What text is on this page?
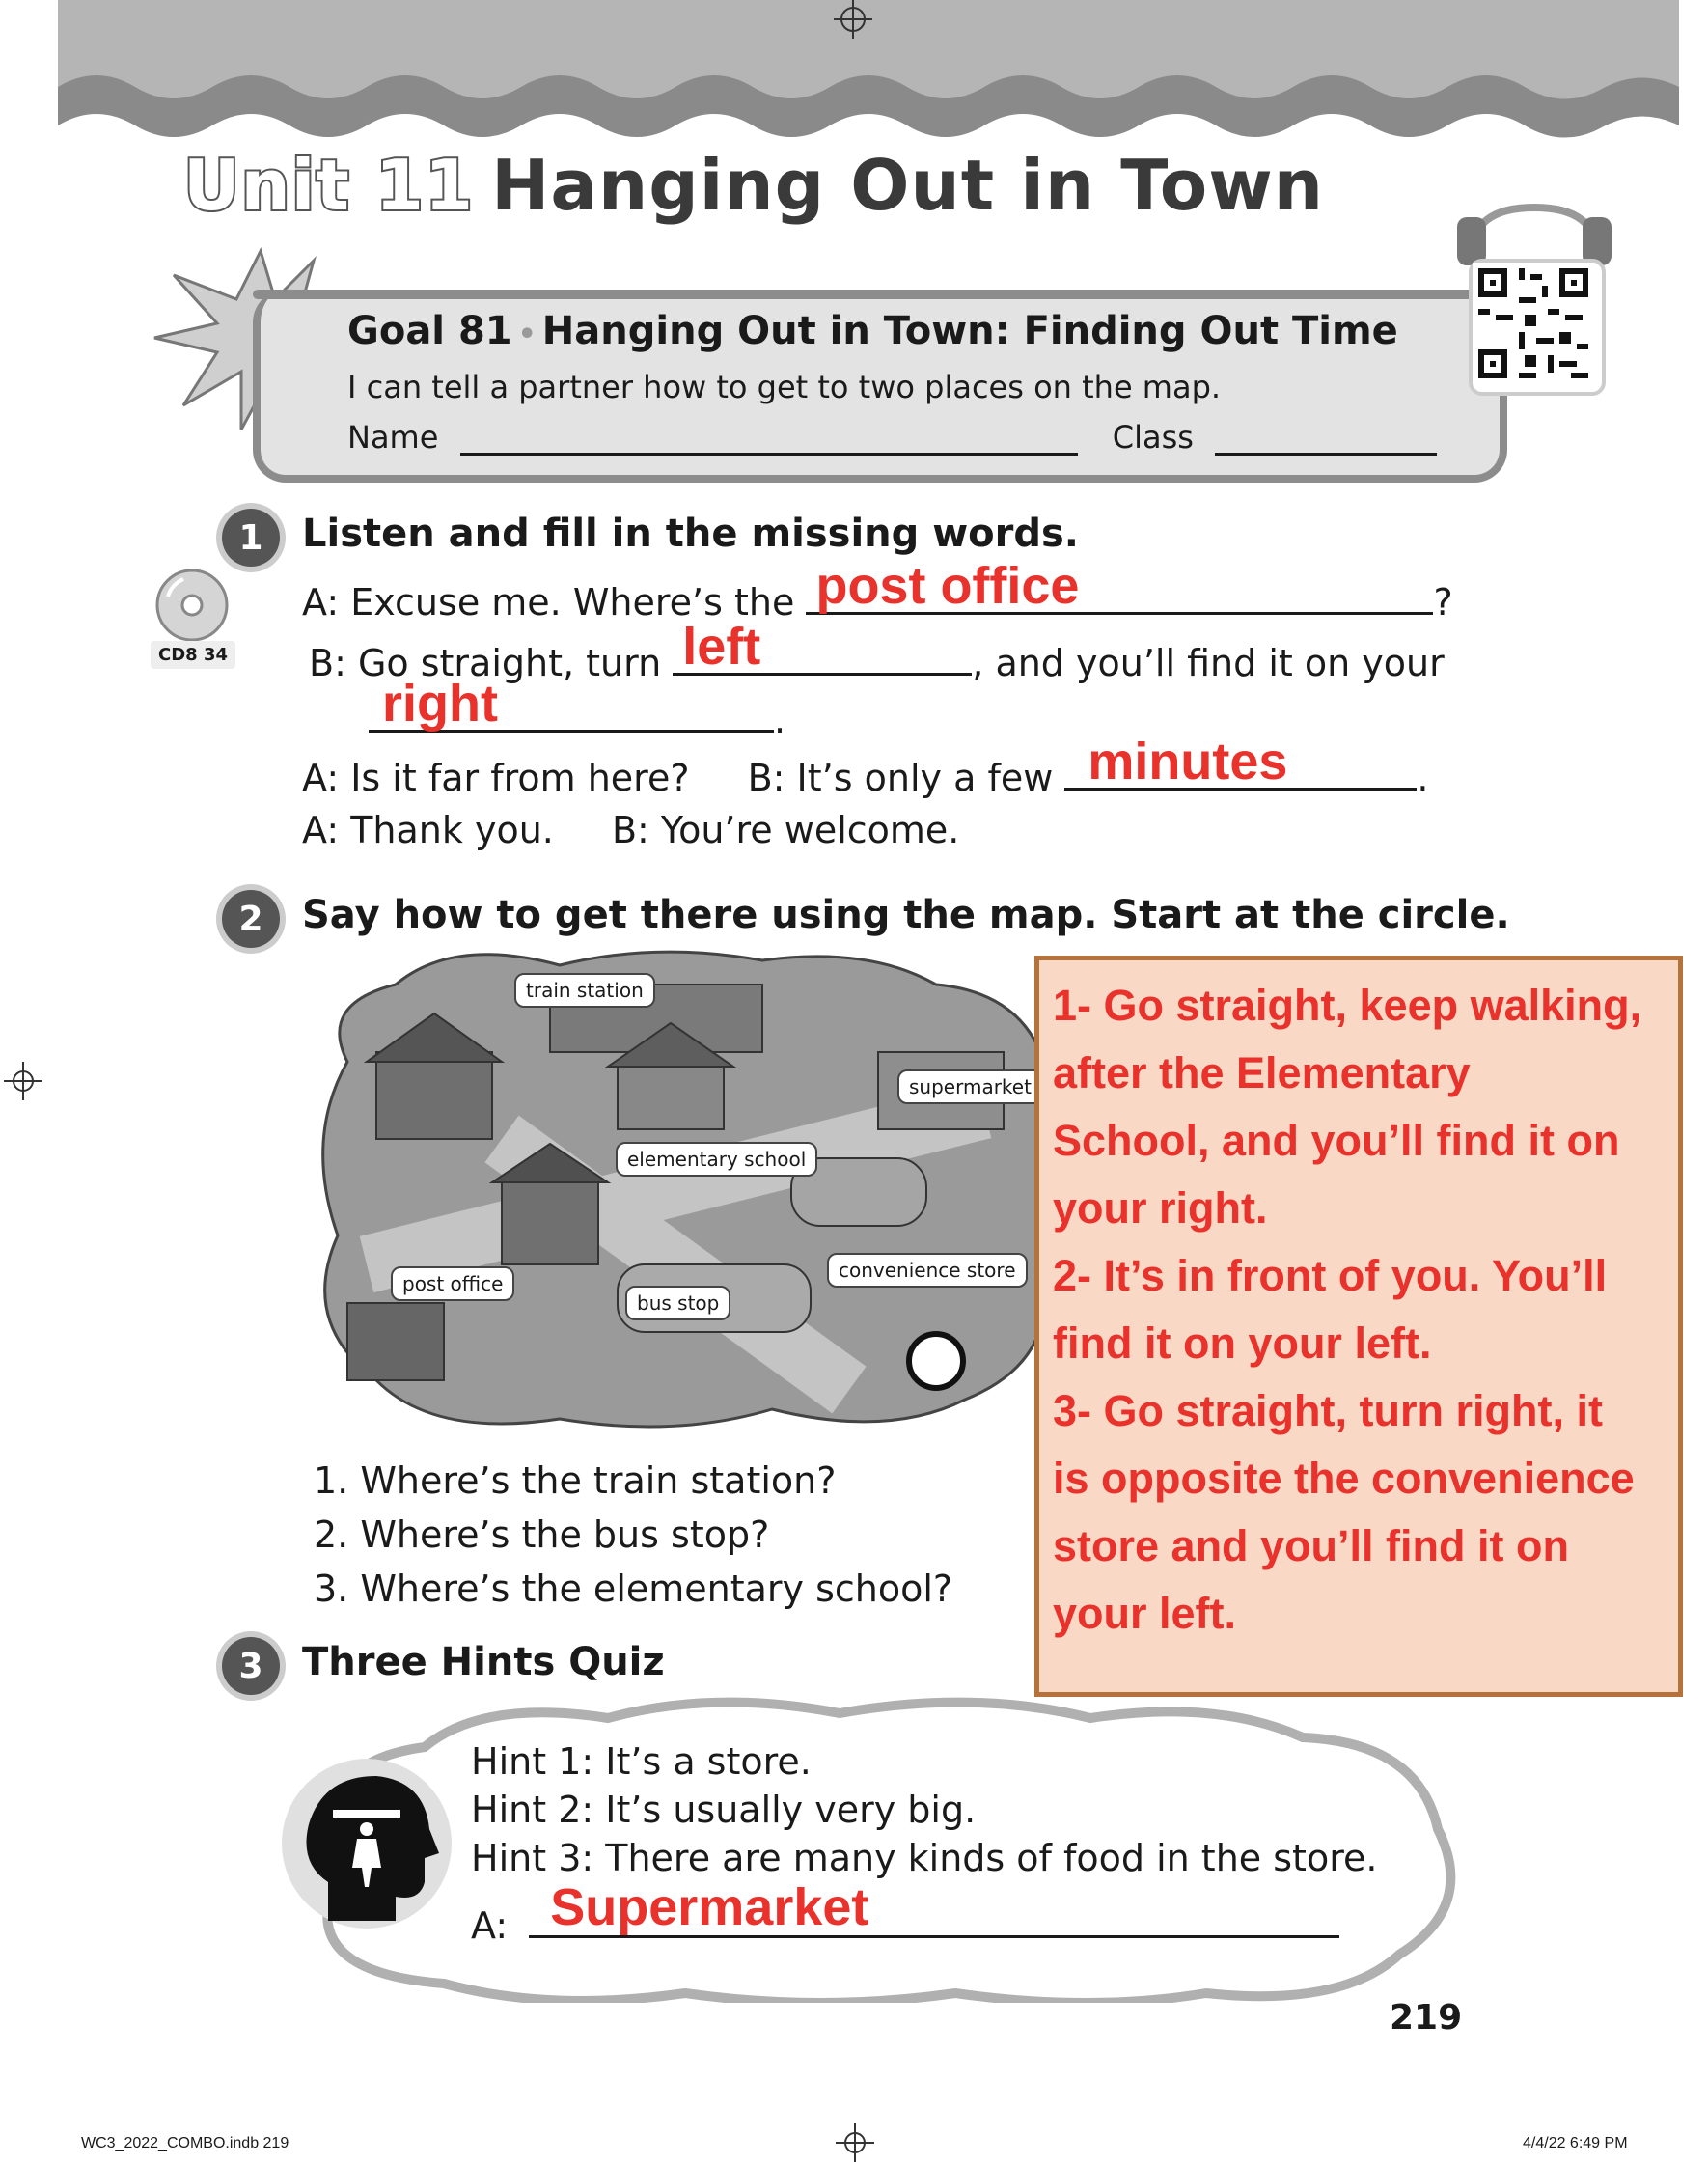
Unit 11 Hanging Out in Town
Goal 81 • Hanging Out in Town: Finding Out Time
I can tell a partner how to get to two places on the map.
Name	Class
1	Listen and fill in the missing words.
CD8 34
A: Excuse me. Where’s the post office	?
B: Go straight, turn left	, and you’ll find it on your
right	.
A: Is it far from here? B: It’s only a few minutes	.
A: Thank you. B: You’re welcome.
2	Say how to get there using the map. Start at the circle.
train station
supermarket
elementary school
post office
bus stop
convenience store

1- Go straight, keep walking,

after the Elementary

School, and you’ll find it on

your right.

2- It’s in front of you. You’ll

find it on your left.

3- Go straight, turn right, it

is opposite the convenience

store and you’ll find it on

your left.

1. Where’s the train station?
2. Where’s the bus stop?
3. Where’s the elementary school?
3	Three Hints Quiz
Hint 1: It’s a store.
Hint 2: It’s usually very big.
Hint 3: There are many kinds of food in the store.
A: Supermarket
219
WC3_2022_COMBO.indb 219	4/4/22 6:49 PM
